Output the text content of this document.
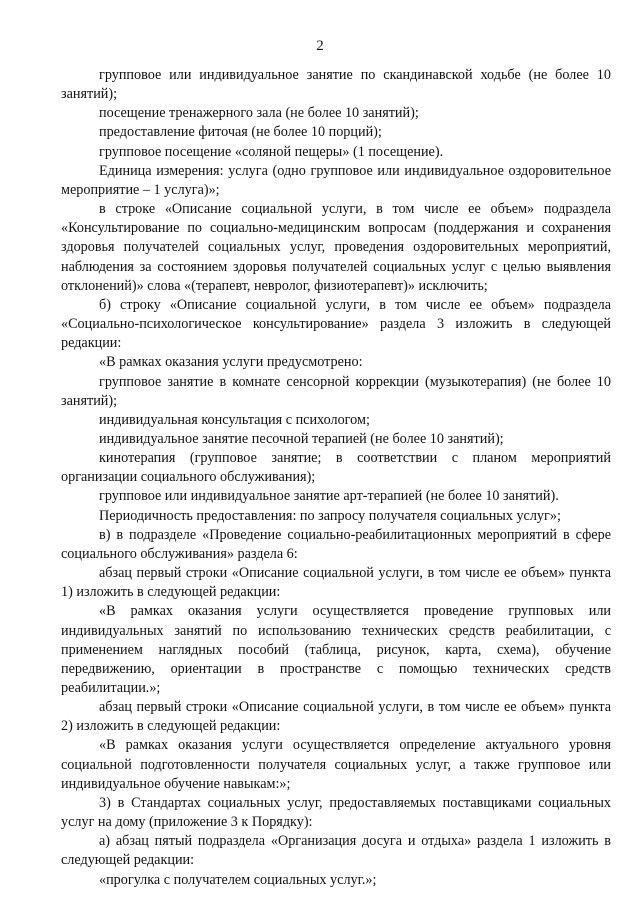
2

групповое или индивидуальное занятие по скандинавской ходьбе (не более 10 занятий);

посещение тренажерного зала (не более 10 занятий);

предоставление фиточая (не более 10 порций);

групповое посещение «соляной пещеры» (1 посещение).

Единица измерения: услуга (одно групповое или индивидуальное оздоровительное мероприятие – 1 услуга)»;

в строке «Описание социальной услуги, в том числе ее объем» подраздела «Консультирование по социально-медицинским вопросам (поддержания и сохранения здоровья получателей социальных услуг, проведения оздоровительных мероприятий, наблюдения за состоянием здоровья получателей социальных услуг с целью выявления отклонений)» слова «(терапевт, невролог, физиотерапевт)» исключить;

б) строку «Описание социальной услуги, в том числе ее объем» подраздела «Социально-психологическое консультирование» раздела 3 изложить в следующей редакции:

«В рамках оказания услуги предусмотрено:

групповое занятие в комнате сенсорной коррекции (музыкотерапия) (не более 10 занятий);

индивидуальная консультация с психологом;

индивидуальное занятие песочной терапией (не более 10 занятий);

кинотерапия (групповое занятие; в соответствии с планом мероприятий организации социального обслуживания);

групповое или индивидуальное занятие арт-терапией (не более 10 занятий).

Периодичность предоставления: по запросу получателя социальных услуг»;

в) в подразделе «Проведение социально-реабилитационных мероприятий в сфере социального обслуживания» раздела 6:

абзац первый строки «Описание социальной услуги, в том числе ее объем» пункта 1) изложить в следующей редакции:

«В рамках оказания услуги осуществляется проведение групповых или индивидуальных занятий по использованию технических средств реабилитации, с применением наглядных пособий (таблица, рисунок, карта, схема), обучение передвижению, ориентации в пространстве с помощью технических средств реабилитации.»;

абзац первый строки «Описание социальной услуги, в том числе ее объем» пункта 2) изложить в следующей редакции:

«В рамках оказания услуги осуществляется определение актуального уровня социальной подготовленности получателя социальных услуг, а также групповое или индивидуальное обучение навыкам:»;

3) в Стандартах социальных услуг, предоставляемых поставщиками социальных услуг на дому (приложение 3 к Порядку):

а) абзац пятый подраздела «Организация досуга и отдыха» раздела 1 изложить в следующей редакции:

«прогулка с получателем социальных услуг.»;
